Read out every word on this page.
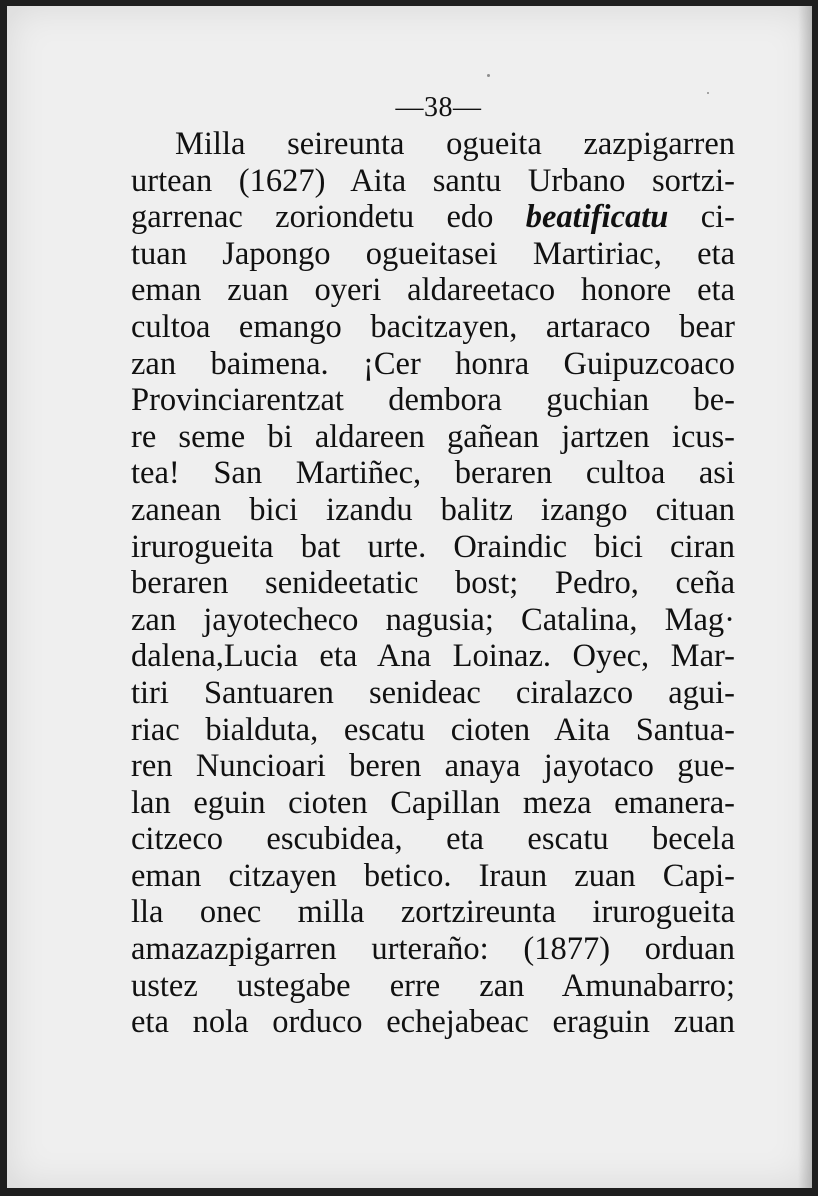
—38—
Milla seireunta ogueita zazpigarren
urtean (1627) Aita santu Urbano sortzi-
garrenac zoriondetu edo beatificatu ci-
tuan Japongo ogueitasei Martiriac, eta
eman zuan oyeri aldareetaco honore eta
cultoa emango bacitzayen, artaraco bear
zan baimena. ¡Cer honra Guipuzcoaco
Provinciarentzat dembora guchian be-
re seme bi aldareen gañean jartzen icus-
tea! San Martiñec, beraren cultoa asi
zanean bici izandu balitz izango cituan
irurogueita bat urte. Oraindic bici ciran
beraren senideetatic bost; Pedro, ceña
zan jayotecheco nagusia; Catalina, Mag·
dalena,Lucia eta Ana Loinaz. Oyec, Mar-
tiri Santuaren senideac ciralazco agui-
riac bialduta, escatu cioten Aita Santua-
ren Nuncioari beren anaya jayotaco gue-
lan eguin cioten Capillan meza emanera-
citzeco escubidea, eta escatu becela
eman citzayen betico. Iraun zuan Capi-
lla onec milla zortzireunta irurogueita
amazazpigarren urteraño: (1877) orduan
ustez ustegabe erre zan Amunabarro;
eta nola orduco echejabeac eraguin zuan
